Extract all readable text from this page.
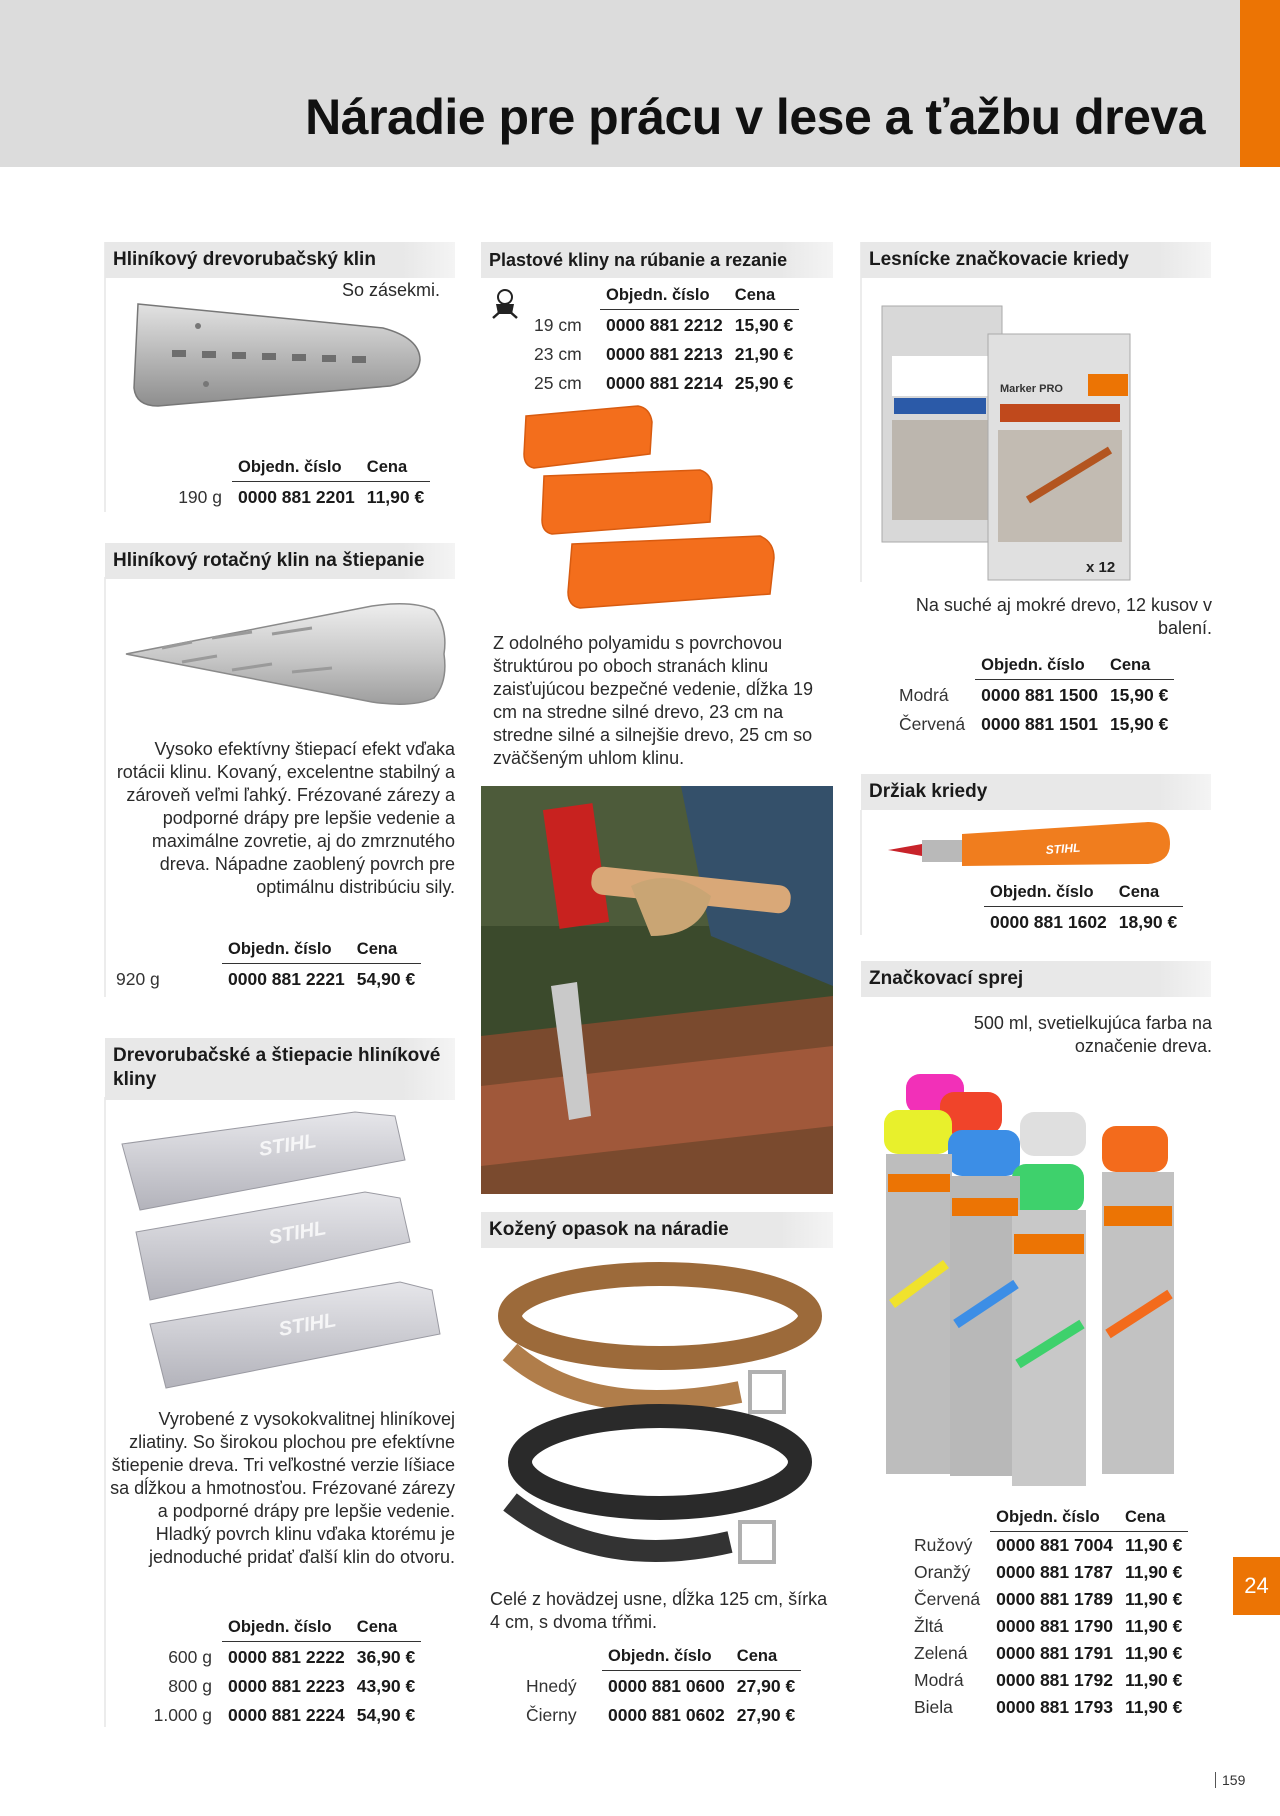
Náradie pre prácu v lese a ťažbu dreva
Hliníkový drevorubačský klin
So zásekmi.
	Objedn. číslo	Cena
190 g	0000 881 2201	11,90 €
Hliníkový rotačný klin na štiepanie
Vysoko efektívny štiepací efekt vďaka rotácii klinu. Kovaný, excelentne stabilný a zároveň veľmi ľahký. Frézované zárezy a podporné drápy pre lepšie vedenie a maximálne zovretie, aj do zmrznutého dreva. Nápadne zaoblený povrch pre optimálnu distribúciu sily.
	Objedn. číslo	Cena
920 g	0000 881 2221	54,90 €
Drevorubačské a štiepacie hliníkové kliny
STIHL
STIHL
STIHL
Vyrobené z vysokokvalitnej hliníkovej zliatiny. So širokou plochou pre efektívne štiepenie dreva. Tri veľkostné verzie líšiace sa dĺžkou a hmotnosťou. Frézované zárezy a podporné drápy pre lepšie vedenie. Hladký povrch klinu vďaka ktorému je jednoduché pridať ďalší klin do otvoru.
	Objedn. číslo	Cena
600 g	0000 881 2222	36,90 €
800 g	0000 881 2223	43,90 €
1.000 g	0000 881 2224	54,90 €
Plastové kliny na rúbanie a rezanie
	Objedn. číslo	Cena
19 cm	0000 881 2212	15,90 €
23 cm	0000 881 2213	21,90 €
25 cm	0000 881 2214	25,90 €
Z odolného polyamidu s povrchovou štruktúrou po oboch stranách klinu zaisťujúcou bezpečné vedenie, dĺžka 19 cm na stredne silné drevo, 23 cm na stredne silné a silnejšie drevo, 25 cm so zväčšeným uhlom klinu.
Kožený opasok na náradie
Celé z hovädzej usne, dĺžka 125 cm, šírka 4 cm, s dvoma tŕňmi.
	Objedn. číslo	Cena
Hnedý	0000 881 0600	27,90 €
Čierny	0000 881 0602	27,90 €
Lesnícke značkovacie kriedy
Marker PRO
x 12
Na suché aj mokré drevo, 12 kusov v balení.
	Objedn. číslo	Cena
Modrá	0000 881 1500	15,90 €
Červená	0000 881 1501	15,90 €
Držiak kriedy
STIHL
Objedn. číslo	Cena
0000 881 1602	18,90 €
Značkovací sprej
500 ml, svetielkujúca farba na označenie dreva.
	Objedn. číslo	Cena
Ružový	0000 881 7004	11,90 €
Oranžý	0000 881 1787	11,90 €
Červená	0000 881 1789	11,90 €
Žltá	0000 881 1790	11,90 €
Zelená	0000 881 1791	11,90 €
Modrá	0000 881 1792	11,90 €
Biela	0000 881 1793	11,90 €
24
159
